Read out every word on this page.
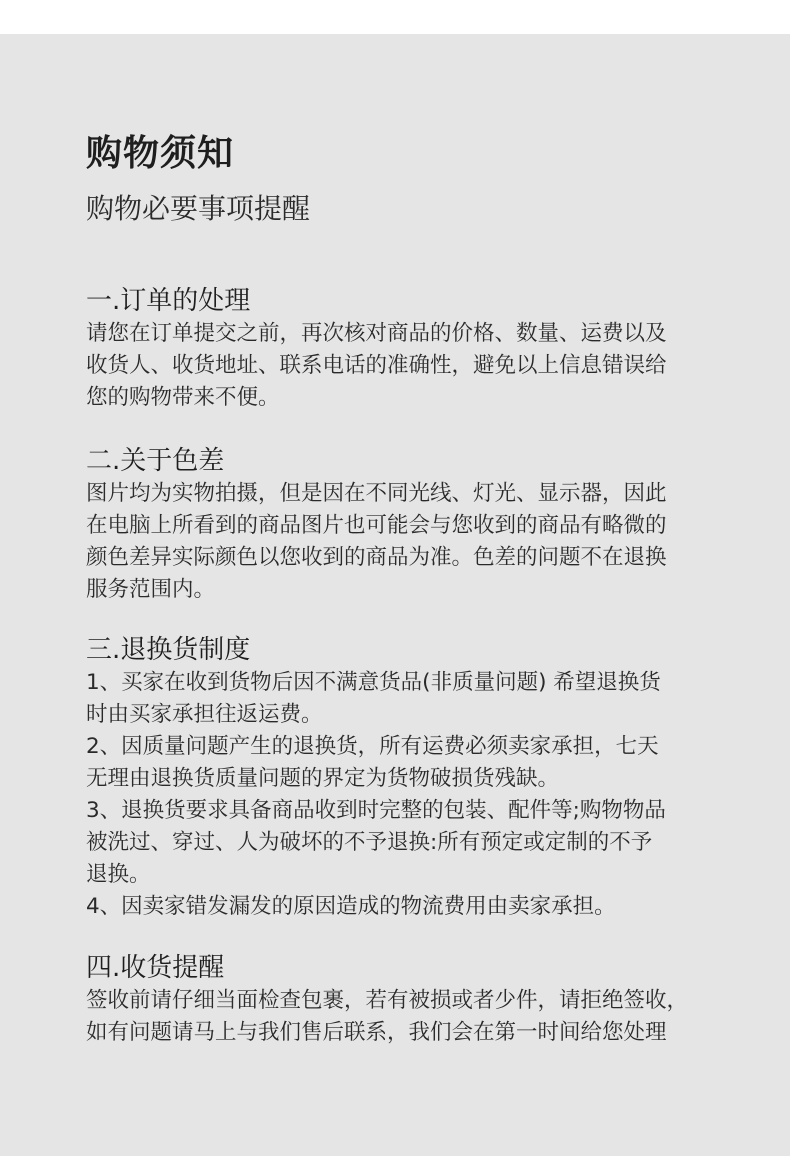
购物须知
购物必要事项提醒
一.订单的处理

请您在订单提交之前，再次核对商品的价格、数量、运费以及

收货人、收货地址、联系电话的准确性，避免以上信息错误给

您的购物带来不便。

二.关于色差

图片均为实物拍摄，但是因在不同光线、灯光、显示器，因此

在电脑上所看到的商品图片也可能会与您收到的商品有略微的

颜色差异实际颜色以您收到的商品为准。色差的问题不在退换

服务范围内。

三.退换货制度

1、买家在收到货物后因不满意货品(非质量问题) 希望退换货

时由买家承担往返运费。

2、因质量问题产生的退换货，所有运费必须卖家承担，七天

无理由退换货质量问题的界定为货物破损货残缺。

3、退换货要求具备商品收到时完整的包装、配件等;购物物品

被洗过、穿过、人为破坏的不予退换:所有预定或定制的不予

退换。

4、因卖家错发漏发的原因造成的物流费用由卖家承担。

四.收货提醒

签收前请仔细当面检查包裹，若有被损或者少件，请拒绝签收，

如有问题请马上与我们售后联系，我们会在第一时间给您处理
